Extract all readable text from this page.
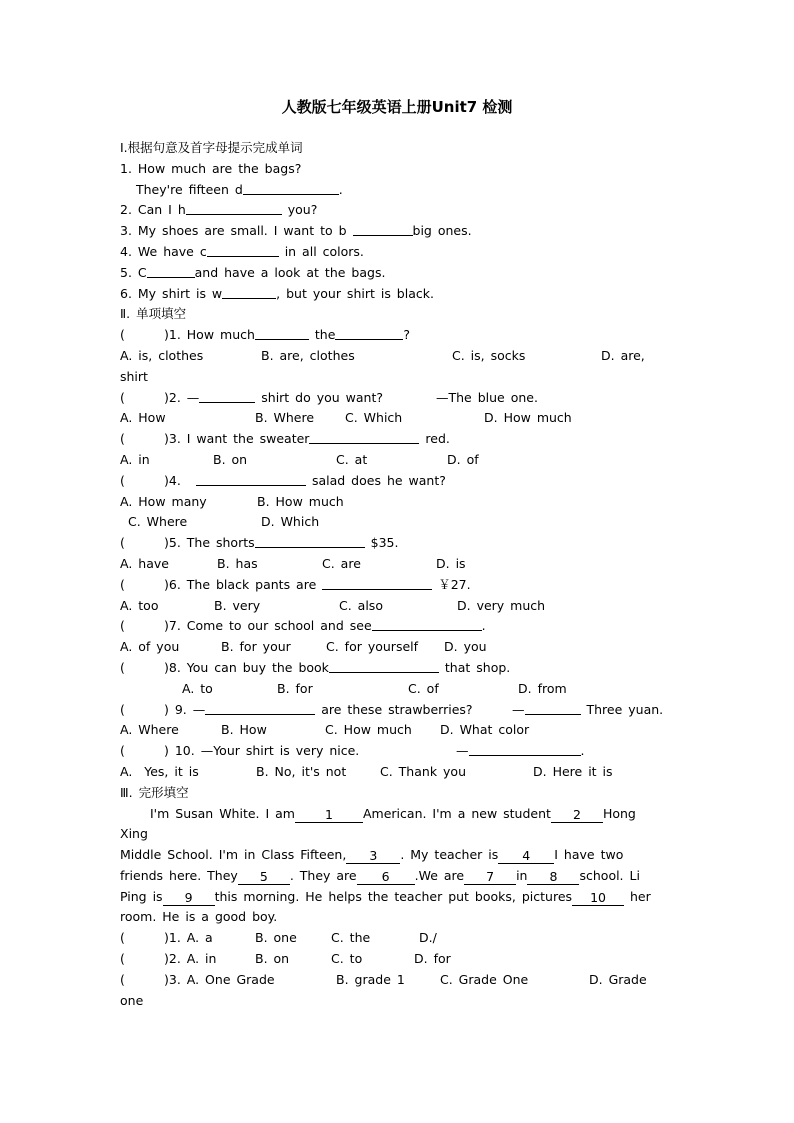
人教版七年级英语上册Unit7 检测
Ⅰ.根据句意及首字母提示完成单词
1. How much are the bags?
They're fifteen d	.
2. Can I h	you?
3. My shoes are small. I want to b	big ones.
4. We have c	in all colors.
5. C	and have a look at the bags.
6. My shirt is w	, but your shirt is black.
Ⅱ. 单项填空
(	)1. How much	the	?
A. is, clothes	B. are, clothes	C. is, socks	D. are,
shirt
(	)2. —	shirt do you want?	—The blue one.
A. How	B. Where C. Which	D. How much
(	)3. I want the sweater	red.
A. in	B. on	C. at	D. of
(	)4.	salad does he want?
A. How many	B. How much
C. Where	D. Which
(	)5. The shorts	$35.
A. have	B. has	C. are	D. is
(	)6. The black pants are	￥27.
A. too	B. very	C. also	D. very much
(	)7. Come to our school and see	.
A. of you	B. for your	C. for yourself D. you
(	)8. You can buy the book	that shop.
A. to	B. for	C. of	D. from
(	) 9. —	are these strawberries?	—	Three yuan.
A. Where	B. How	C. How much D. What color
(	) 10. —Your shirt is very nice.	—	.
A.  Yes, it is	B. No, it's not	C. Thank you	D. Here it is
Ⅲ. 完形填空
I'm Susan White. I am 1 American. I'm a new student 2 Hong
Xing
Middle School. I'm in Class Fifteen, 3 . My teacher is 4 I have two
friends here. They 5 . They are 6 .We are 7 in 8 school. Li
Ping is 9 this morning. He helps the teacher put books, pictures 10 her
room. He is a good boy.
(	)1. A. a	B. one	C. the	D./
(	)2. A. in	B. on	C. to	D. for
(	)3. A. One Grade	B. grade 1	C. Grade One	D. Grade
one
